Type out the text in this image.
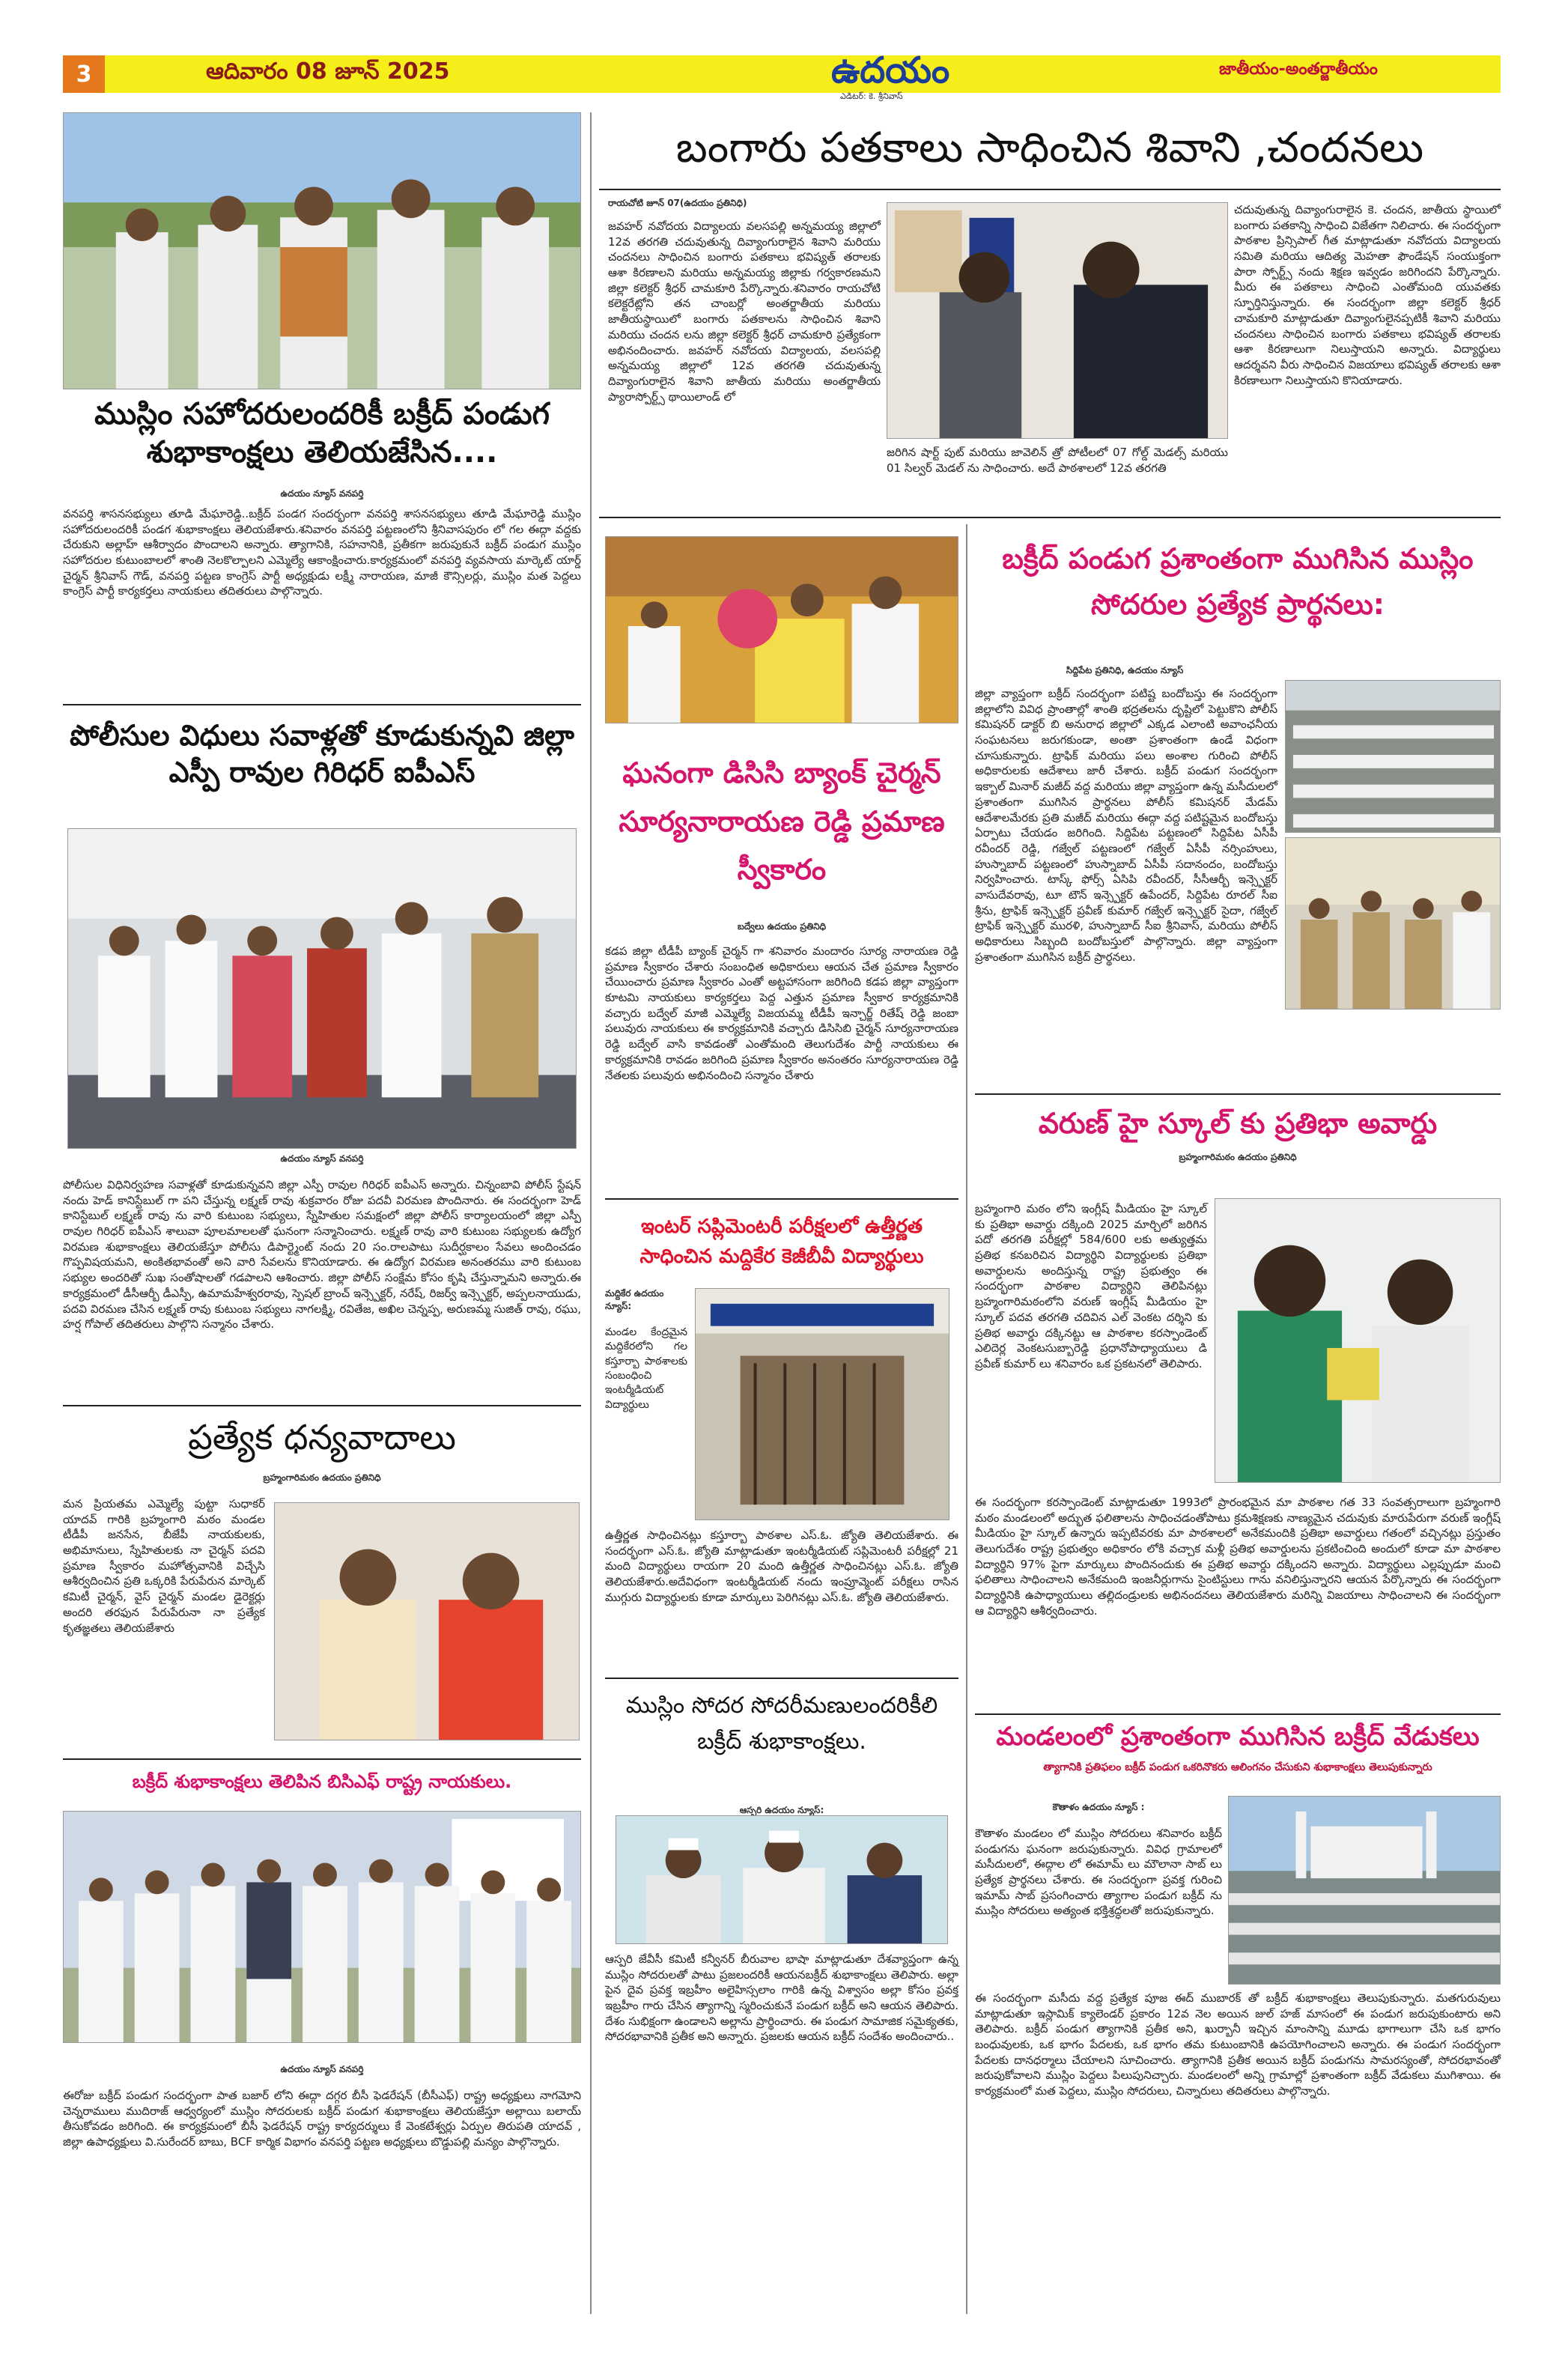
3	ఆదివారం 08 జూన్ 2025	ఉదయం
ఎడిటర్: కె. శ్రీనివాస్
జాతీయం-అంతర్జాతీయం
ముస్లిం సహోదరులందరికీ బక్రీద్ పండుగ శుభాకాంక్షలు తెలియజేసిన....
ఉదయం న్యూస్ వనపర్తి
వనపర్తి శాసనసభ్యులు తూడి మేఘారెడ్డి..బక్రీద్ పండగ సందర్భంగా వనపర్తి శాసనసభ్యులు తూడి మేఘారెడ్డి ముస్లిం సహోదరులందరికీ పండగ శుభాకాంక్షలు తెలియజేశారు.శనివారం వనపర్తి పట్టణంలోని శ్రీనివాసపురం లో గల ఈద్గా వద్దకు చేరుకుని అల్లాహ్ ఆశీర్వాదం పొందాలని అన్నారు. త్యాగానికి, సహనానికి, ప్రతీకగా జరుపుకునే బక్రీద్ పండుగ ముస్లిం సహోదరుల కుటుంబాలలో శాంతి నెలకొల్పాలని ఎమ్మెల్యే ఆకాంక్షించారు.కార్యక్రమంలో వనపర్తి వ్యవసాయ మార్కెట్ యార్డ్ చైర్మన్ శ్రీనివాస్ గౌడ్, వనపర్తి పట్టణ కాంగ్రెస్ పార్టీ అధ్యక్షుడు లక్ష్మీ నారాయణ, మాజీ కౌన్సిలర్లు, ముస్లిం మత పెద్దలు కాంగ్రెస్ పార్టీ కార్యకర్తలు నాయకులు తదితరులు పాల్గొన్నారు.
పోలీసుల విధులు సవాళ్లతో కూడుకున్నవి జిల్లా ఎస్పీ రావుల గిరిధర్ ఐపీఎస్
ఉదయం న్యూస్ వనపర్తి
పోలీసుల విధినిర్వహణ సవాళ్లతో కూడుకున్నవని జిల్లా ఎస్పీ రావుల గిరిధర్ ఐపీఎస్ అన్నారు. చిన్నంబావి పోలీస్ స్టేషన్ నందు హెడ్ కానిస్టేబుల్ గా పని చేస్తున్న లక్ష్మణ్ రావు శుక్రవారం రోజు పదవీ విరమణ పొందినారు. ఈ సందర్భంగా హెడ్ కానిస్టేబుల్ లక్ష్మణ్ రావు ను వారి కుటుంబ సభ్యులు, స్నేహితుల సమక్షంలో జిల్లా పోలీస్ కార్యాలయంలో జిల్లా ఎస్పీ రావుల గిరిధర్ ఐపీఎస్ శాలువా పూలమాలలతో ఘనంగా సన్మానించారు. లక్ష్మణ్ రావు వారి కుటుంబ సభ్యులకు ఉద్యోగ విరమణ శుభాకాంక్షలు తెలియజేస్తూ పోలీసు డిపార్ట్మెంట్ నందు 20 సం.రాలపాటు సుదీర్ఘకాలం సేవలు అందించడం గొప్పవిషయమని, అంకితభావంతో అని వారి సేవలను కొనియాడారు. ఈ ఉద్యోగ విరమణ అనంతరము వారి కుటుంబ సభ్యుల అందరితో సుఖ సంతోషాలతో గడపాలని ఆశించారు. జిల్లా పోలీస్ సంక్షేమ కోసం కృషి చేస్తున్నామని అన్నారు.ఈ కార్యక్రమంలో డీసీఆర్బీ డీఎస్పీ, ఉమామహేశ్వరరావు, స్పెషల్ బ్రాంచ్ ఇన్స్పెక్టర్, నరేష్, రిజర్వ్ ఇన్స్పెక్టర్, అప్పలనాయుడు, పదవి విరమణ చేసిన లక్ష్మణ్ రావు కుటుంబ సభ్యులు నాగలక్ష్మి, రవితేజ, అఖిల చెన్నప్ప, అరుణమ్మ సుజిత్ రావు, రఘు, హర్ష గోపాల్ తదితరులు పాల్గొని సన్మానం చేశారు.
ప్రత్యేక ధన్యవాదాలు
బ్రహ్మంగారిమఠం ఉదయం ప్రతినిధి
మన ప్రియతమ ఎమ్మెల్యే పుట్టా సుధాకర్ యాదవ్ గారికి బ్రహ్మంగారి మఠం మండల టీడీపీ జనసేన, బీజేపీ నాయకులకు, అభిమానులు, స్నేహితులకు నా చైర్మన్ పదవి ప్రమాణ స్వీకారం మహోత్సవానికి విచ్చేసి ఆశీర్వదించిన ప్రతి ఒక్కరికి పేరుపేరున మార్కెట్ కమిటీ చైర్మన్, వైస్ చైర్మన్ మండల డైరెక్టర్లు అందరి తరఫున పేరుపేరునా నా ప్రత్యేక కృతజ్ఞతలు తెలియజేశారు
బక్రీద్ శుభాకాంక్షలు తెలిపిన బిసిఎఫ్ రాష్ట్ర నాయకులు.
ఉదయం న్యూస్ వనపర్తి
ఈరోజు బక్రీద్ పండుగ సందర్భంగా పాత బజార్ లోని ఈద్గా దగ్గర బీసీ ఫెడరేషన్ (బీసీఎఫ్) రాష్ట్ర అధ్యక్షులు నాగమోని చెన్నరాములు ముదిరాజ్ ఆధ్వర్యంలో ముస్లిం సోదరులకు బక్రీద్ పండుగ శుభాకాంక్షలు తెలియజేస్తూ అల్లాయి బలాయ్ తీసుకోవడం జరిగింది. ఈ కార్యక్రమంలో బీసీ ఫెడరేషన్ రాష్ట్ర కార్యదర్శులు కే వెంకటేశ్వర్లు ఏర్పుల తిరుపతి యాదవ్ , జిల్లా ఉపాధ్యక్షులు వి.సురేందర్ బాబు, BCF కార్మిక విభాగం వనపర్తి పట్టణ అధ్యక్షులు బొడ్డుపల్లి మన్యం పాల్గొన్నారు.
బంగారు పతకాలు సాధించిన శివాని ,చందనలు
రాయచోటి జూన్ 07(ఉదయం ప్రతినిధి)
జవహర్ నవోదయ విద్యాలయ వలసపల్లి అన్నమయ్య జిల్లాలో 12వ తరగతి చదువుతున్న దివ్యాంగురాలైన శివాని మరియు చందనలు సాధించిన బంగారు పతకాలు భవిష్యత్ తరాలకు ఆశా కిరణాలని మరియు అన్నమయ్య జిల్లాకు గర్వకారణమని జిల్లా కలెక్టర్ శ్రీధర్ చామకూరి పేర్కొన్నారు.శనివారం రాయచోటి కలెక్టరేట్లోని తన చాంబర్లో అంతర్జాతీయ మరియు జాతీయస్థాయిలో బంగారు పతకాలను సాధించిన శివాని మరియు చందన లను జిల్లా కలెక్టర్ శ్రీధర్ చామకూరి ప్రత్యేకంగా అభినందించారు. జవహర్ నవోదయ విద్యాలయ, వలసపల్లి అన్నమయ్య జిల్లాలో 12వ తరగతి చదువుతున్న దివ్యాంగురాలైన శివాని జాతీయ మరియు అంతర్జాతీయ ప్యారాస్పోర్ట్స్ థాయిలాండ్ లో
జరిగిన షార్ట్ పుట్ మరియు జావెలిన్ త్రో పోటీలలో 07 గోల్డ్ మెడల్స్ మరియు 01 సిల్వర్ మెడల్ ను సాధించారు. అదే పాఠశాలలో 12వ తరగతి
చదువుతున్న దివ్యాంగురాలైన కె. చందన, జాతీయ స్థాయిలో బంగారు పతకాన్ని సాధించి విజేతగా నిలిచారు. ఈ సందర్భంగా పాఠశాల ప్రిన్సిపాల్ గీత మాట్లాడుతూ నవోదయ విద్యాలయ సమితి మరియు ఆదిత్య మెహతా ఫౌండేషన్ సంయుక్తంగా పారా స్పోర్ట్స్ నందు శిక్షణ ఇవ్వడం జరిగిందని పేర్కొన్నారు. మీరు ఈ పతకాలు సాధించి ఎంతోమంది యువతకు స్ఫూర్తినిస్తున్నారు. ఈ సందర్భంగా జిల్లా కలెక్టర్ శ్రీధర్ చామకూరి మాట్లాడుతూ దివ్యాంగులైనప్పటికీ శివాని మరియు చందనలు సాధించిన బంగారు పతకాలు భవిష్యత్ తరాలకు ఆశా కిరణాలుగా నిలుస్తాయని అన్నారు. విద్యార్థులు ఆదర్శవని వీరు సాధించిన విజయాలు భవిష్యత్ తరాలకు ఆశా కిరణాలుగా నిలుస్తాయని కొనియాడారు.
ఘనంగా డిసిసి బ్యాంక్ చైర్మన్ సూర్యనారాయణ రెడ్డి ప్రమాణ స్వీకారం
బద్వేలు ఉదయం ప్రతినిధి
కడప జిల్లా టీడీపీ బ్యాంక్ చైర్మన్ గా శనివారం మందారం సూర్య నారాయణ రెడ్డి ప్రమాణ స్వీకారం చేశారు సంబంధిత అధికారులు ఆయన చేత ప్రమాణ స్వీకారం చేయించారు ప్రమాణ స్వీకారం ఎంతో అట్టహాసంగా జరిగింది కడప జిల్లా వ్యాప్తంగా కూటమి నాయకులు కార్యకర్తలు పెద్ద ఎత్తున ప్రమాణ స్వీకార కార్యక్రమానికి వచ్చారు బద్వేల్ మాజీ ఎమ్మెల్యే విజయమ్మ టీడీపీ ఇన్చార్జ్ రితేష్ రెడ్డి జంబా పలువురు నాయకులు ఈ కార్యక్రమానికి వచ్చారు డిసిసిబి చైర్మన్ సూర్యనారాయణ రెడ్డి బద్వేల్ వాసి కావడంతో ఎంతోమంది తెలుగుదేశం పార్టీ నాయకులు ఈ కార్యక్రమానికి రావడం జరిగింది ప్రమాణ స్వీకారం అనంతరం సూర్యనారాయణ రెడ్డి నేతలకు పలువురు అభినందించి సన్మానం చేశారు
ఇంటర్ సప్లిమెంటరీ పరీక్షలలో ఉత్తీర్ణత సాధించిన మద్దికేర కెజీబీవీ విద్యార్థులు
మద్దికేర ఉదయం న్యూస్:
మండల కేంద్రమైన మద్దికేరలోని గల కస్తూర్బా పాఠశాలకు సంబంధించి ఇంటర్మీడియట్ విద్యార్థులు
ఉత్తీర్ణత సాధించినట్లు కస్తూర్బా పాఠశాల ఎస్.ఓ. జ్యోతి తెలియజేశారు. ఈ సందర్భంగా ఎస్.ఓ. జ్యోతి మాట్లాడుతూ ఇంటర్మీడియట్ సప్లిమెంటరీ పరీక్షల్లో 21 మంది విద్యార్థులు రాయగా 20 మంది ఉత్తీర్ణత సాధించినట్లు ఎస్.ఓ. జ్యోతి తెలియజేశారు.అదేవిధంగా ఇంటర్మీడియట్ నందు ఇంప్రూవ్మెంట్ పరీక్షలు రాసిన ముగ్గురు విద్యార్థులకు కూడా మార్కులు పెరిగినట్లు ఎస్.ఓ. జ్యోతి తెలియజేశారు.
ముస్లిం సోదర సోదరీమణులందరికీలి బక్రీద్ శుభాకాంక్షలు.
ఆస్పరి ఉదయం న్యూస్:
ఆస్పరి జేవీసీ కమిటీ కన్వీనర్ బీరువాల భాషా మాట్లాడుతూ దేశవ్యాప్తంగా ఉన్న ముస్లిం సోదరులతో పాటు ప్రజలందరికీ ఆయనబక్రీద్ శుభాకాంక్షలు తెలిపారు. అల్లా పైన దైవ ప్రవక్త ఇబ్రహీం అలైహిస్సలాం గారికి ఉన్న విశ్వాసం అల్లా కోసం ప్రవక్త ఇబ్రహీం గారు చేసిన త్యాగాన్ని స్మరించుకునే పండుగ బక్రీద్ అని ఆయన తెలిపారు. దేశం సుభిక్షంగా ఉండాలని అల్లాను ప్రార్థించారు. ఈ పండుగ సామాజిక సమైక్యతకు, సోదరభావానికి ప్రతీక అని అన్నారు. ప్రజలకు ఆయన బక్రీద్ సందేశం అందించారు..
బక్రీద్ పండుగ ప్రశాంతంగా ముగిసిన ముస్లిం సోదరుల ప్రత్యేక ప్రార్థనలు:
సిద్దిపేట ప్రతినిధి, ఉదయం న్యూస్
జిల్లా వ్యాప్తంగా బక్రీద్ సందర్భంగా పటిష్ట బందోబస్తు ఈ సందర్భంగా జిల్లాలోని వివిధ ప్రాంతాల్లో శాంతి భద్రతలను దృష్టిలో పెట్టుకొని పోలీస్ కమిషనర్ డాక్టర్ బి అనురాధ జిల్లాలో ఎక్కడ ఎలాంటి అవాంఛనీయ సంఘటనలు జరుగకుండా, అంతా ప్రశాంతంగా ఉండే విధంగా చూసుకున్నారు. ట్రాఫిక్ మరియు పలు అంశాల గురించి పోలీస్ అధికారులకు ఆదేశాలు జారీ చేశారు. బక్రీద్ పండుగ సందర్భంగా ఇక్బాల్ మినార్ మజీద్ వద్ద మరియు జిల్లా వ్యాప్తంగా ఉన్న మసీదులలో ప్రశాంతంగా ముగిసిన ప్రార్థనలు పోలీస్ కమిషనర్ మేడమ్ ఆదేశాలమేరకు ప్రతి మజీద్ మరియు ఈద్గా వద్ద పటిష్టమైన బందోబస్తు ఏర్పాటు చేయడం జరిగింది. సిద్దిపేట పట్టణంలో సిద్దిపేట ఏసీపీ రవీందర్ రెడ్డి, గజ్వేల్ పట్టణంలో గజ్వేల్ ఏసీపీ నర్సింహులు, హుస్నాబాద్ పట్టణంలో హుస్నాబాద్ ఏసీపీ సదానందం, బందోబస్తు నిర్వహించారు. టాస్క్ ఫోర్స్ ఏసిపి రవీందర్, సీసీఆర్బీ ఇన్స్పెక్టర్ వాసుదేవరావు, టూ టౌన్ ఇన్స్పెక్టర్ ఉపేందర్, సిద్దిపేట రూరల్ సీఐ శ్రీను, ట్రాఫిక్ ఇన్స్పెక్టర్ ప్రవీణ్ కుమార్ గజ్వేల్ ఇన్స్పెక్టర్ సైదా, గజ్వేల్ ట్రాఫిక్ ఇన్స్పెక్టర్ మురళి, హుస్నాబాద్ సీఐ శ్రీనివాస్, మరియు పోలీస్ అధికారులు సిబ్బంది బందోబస్తులో పాల్గొన్నారు. జిల్లా వ్యాప్తంగా ప్రశాంతంగా ముగిసిన బక్రీద్ ప్రార్థనలు.
వరుణ్ హై స్కూల్ కు ప్రతిభా అవార్డు
బ్రహ్మంగారిమఠం ఉదయం ప్రతినిధి
బ్రహ్మంగారి మఠం లోని ఇంగ్లీష్ మీడియం హై స్కూల్ కు ప్రతిభా అవార్డు దక్కింది 2025 మార్చిలో జరిగిన పదో తరగతి పరీక్షల్లో 584/600 లకు అత్యుత్తమ ప్రతిభ కనబరిచిన విద్యార్థిని విద్యార్థులకు ప్రతిభా అవార్డులను అందిస్తున్న రాష్ట్ర ప్రభుత్వం ఈ సందర్భంగా పాఠశాల విద్యార్థిని తెలిపినట్లు బ్రహ్మంగారిమఠంలోని వరుణ్ ఇంగ్లీష్ మీడియం హై స్కూల్ పదవ తరగతి చదివిన ఎల్ వెంకట దర్శిని కు ప్రతిభ అవార్డు దక్కినట్టు ఆ పాఠశాల కరస్పాండెంట్ ఎలిదెర్ల వెంకటసుబ్బారెడ్డి ప్రధానోపాధ్యాయులు డి ప్రవీణ్ కుమార్ లు శనివారం ఒక ప్రకటనలో తెలిపారు.
ఈ సందర్భంగా కరస్పాండెంట్ మాట్లాడుతూ 1993లో ప్రారంభమైన మా పాఠశాల గత 33 సంవత్సరాలుగా బ్రహ్మంగారి మఠం మండలంలో అద్భుత ఫలితాలను సాధించడంతోపాటు క్రమశిక్షణకు నాణ్యమైన చదువుకు మారుపేరుగా వరుణ్ ఇంగ్లీష్ మీడియం హై స్కూల్ ఉన్నారు ఇప్పటివరకు మా పాఠశాలలో అనేకమందికి ప్రతిభా అవార్డులు గతంలో వచ్చినట్లు ప్రస్తుతం తెలుగుదేశం రాష్ట్ర ప్రభుత్వం అధికారం లోకి వచ్చాక మళ్లీ ప్రతిభ అవార్డులను ప్రకటించింది అందులో కూడా మా పాఠశాల విద్యార్థిని 97% పైగా మార్కులు పొందినందుకు ఈ ప్రతిభ అవార్డు దక్కిందని అన్నారు. విద్యార్థులు ఎల్లప్పుడూ మంచి ఫలితాలు సాధించాలని అనేకమంది ఇంజనీర్లుగాను సైంటిస్టులు గాను వనిలిస్తున్నారని ఆయన పేర్కొన్నారు ఈ సందర్భంగా విద్యార్థినికి ఉపాధ్యాయులు తల్లిదండ్రులకు అభినందనలు తెలియజేశారు మరిన్ని విజయాలు సాధించాలని ఈ సందర్భంగా ఆ విద్యార్థిని ఆశీర్వదించారు.
మండలంలో ప్రశాంతంగా ముగిసిన బక్రీద్ వేడుకలు
త్యాగానికి ప్రతిఫలం బక్రీద్ పండుగ ఒకరినొకరు ఆలింగనం చేసుకుని శుభాకాంక్షలు తెలుపుకున్నారు
కౌతాళం ఉదయం న్యూస్ :
కౌతాళం మండలం లో ముస్లిం సోదరులు శనివారం బక్రీద్ పండుగను ఘనంగా జరుపుకున్నారు. వివిధ గ్రామాలలో మసీదులలో, ఈద్గాల లో ఈమామ్ లు మౌలానా సాబ్ లు ప్రత్యేక ప్రార్థనలు చేశారు. ఈ సందర్భంగా ప్రవక్త గురించి ఇమామ్ సాబ్ ప్రసంగించారు త్యాగాల పండుగ బక్రీద్ ను ముస్లిం సోదరులు అత్యంత భక్తిశ్రద్ధలతో జరుపుకున్నారు.
ఈ సందర్భంగా మసీదు వద్ద ప్రత్యేక పూజ ఈద్ ముబారక్ తో బక్రీద్ శుభాకాంక్షలు తెలుపుకున్నారు. మతగురువులు మాట్లాడుతూ ఇస్లామిక్ క్యాలెండర్ ప్రకారం 12వ నెల అయిన జుల్ హజ్ మాసంలో ఈ పండుగ జరుపుకుంటారు అని తెలిపారు. బక్రీద్ పండుగ త్యాగానికి ప్రతీక అని, ఖుర్బానీ ఇచ్చిన మాంసాన్ని మూడు భాగాలుగా చేసి ఒక భాగం బంధువులకు, ఒక భాగం పేదలకు, ఒక భాగం తమ కుటుంబానికి ఉపయోగించాలని అన్నారు. ఈ పండుగ సందర్భంగా పేదలకు దానధర్మాలు చేయాలని సూచించారు. త్యాగానికి ప్రతీక అయిన బక్రీద్ పండుగను సామరస్యంతో, సోదరభావంతో జరుపుకోవాలని ముస్లిం పెద్దలు పిలుపునిచ్చారు. మండలంలో అన్ని గ్రామాల్లో ప్రశాంతంగా బక్రీద్ వేడుకలు ముగిశాయి. ఈ కార్యక్రమంలో మత పెద్దలు, ముస్లిం సోదరులు, చిన్నారులు తదితరులు పాల్గొన్నారు.
